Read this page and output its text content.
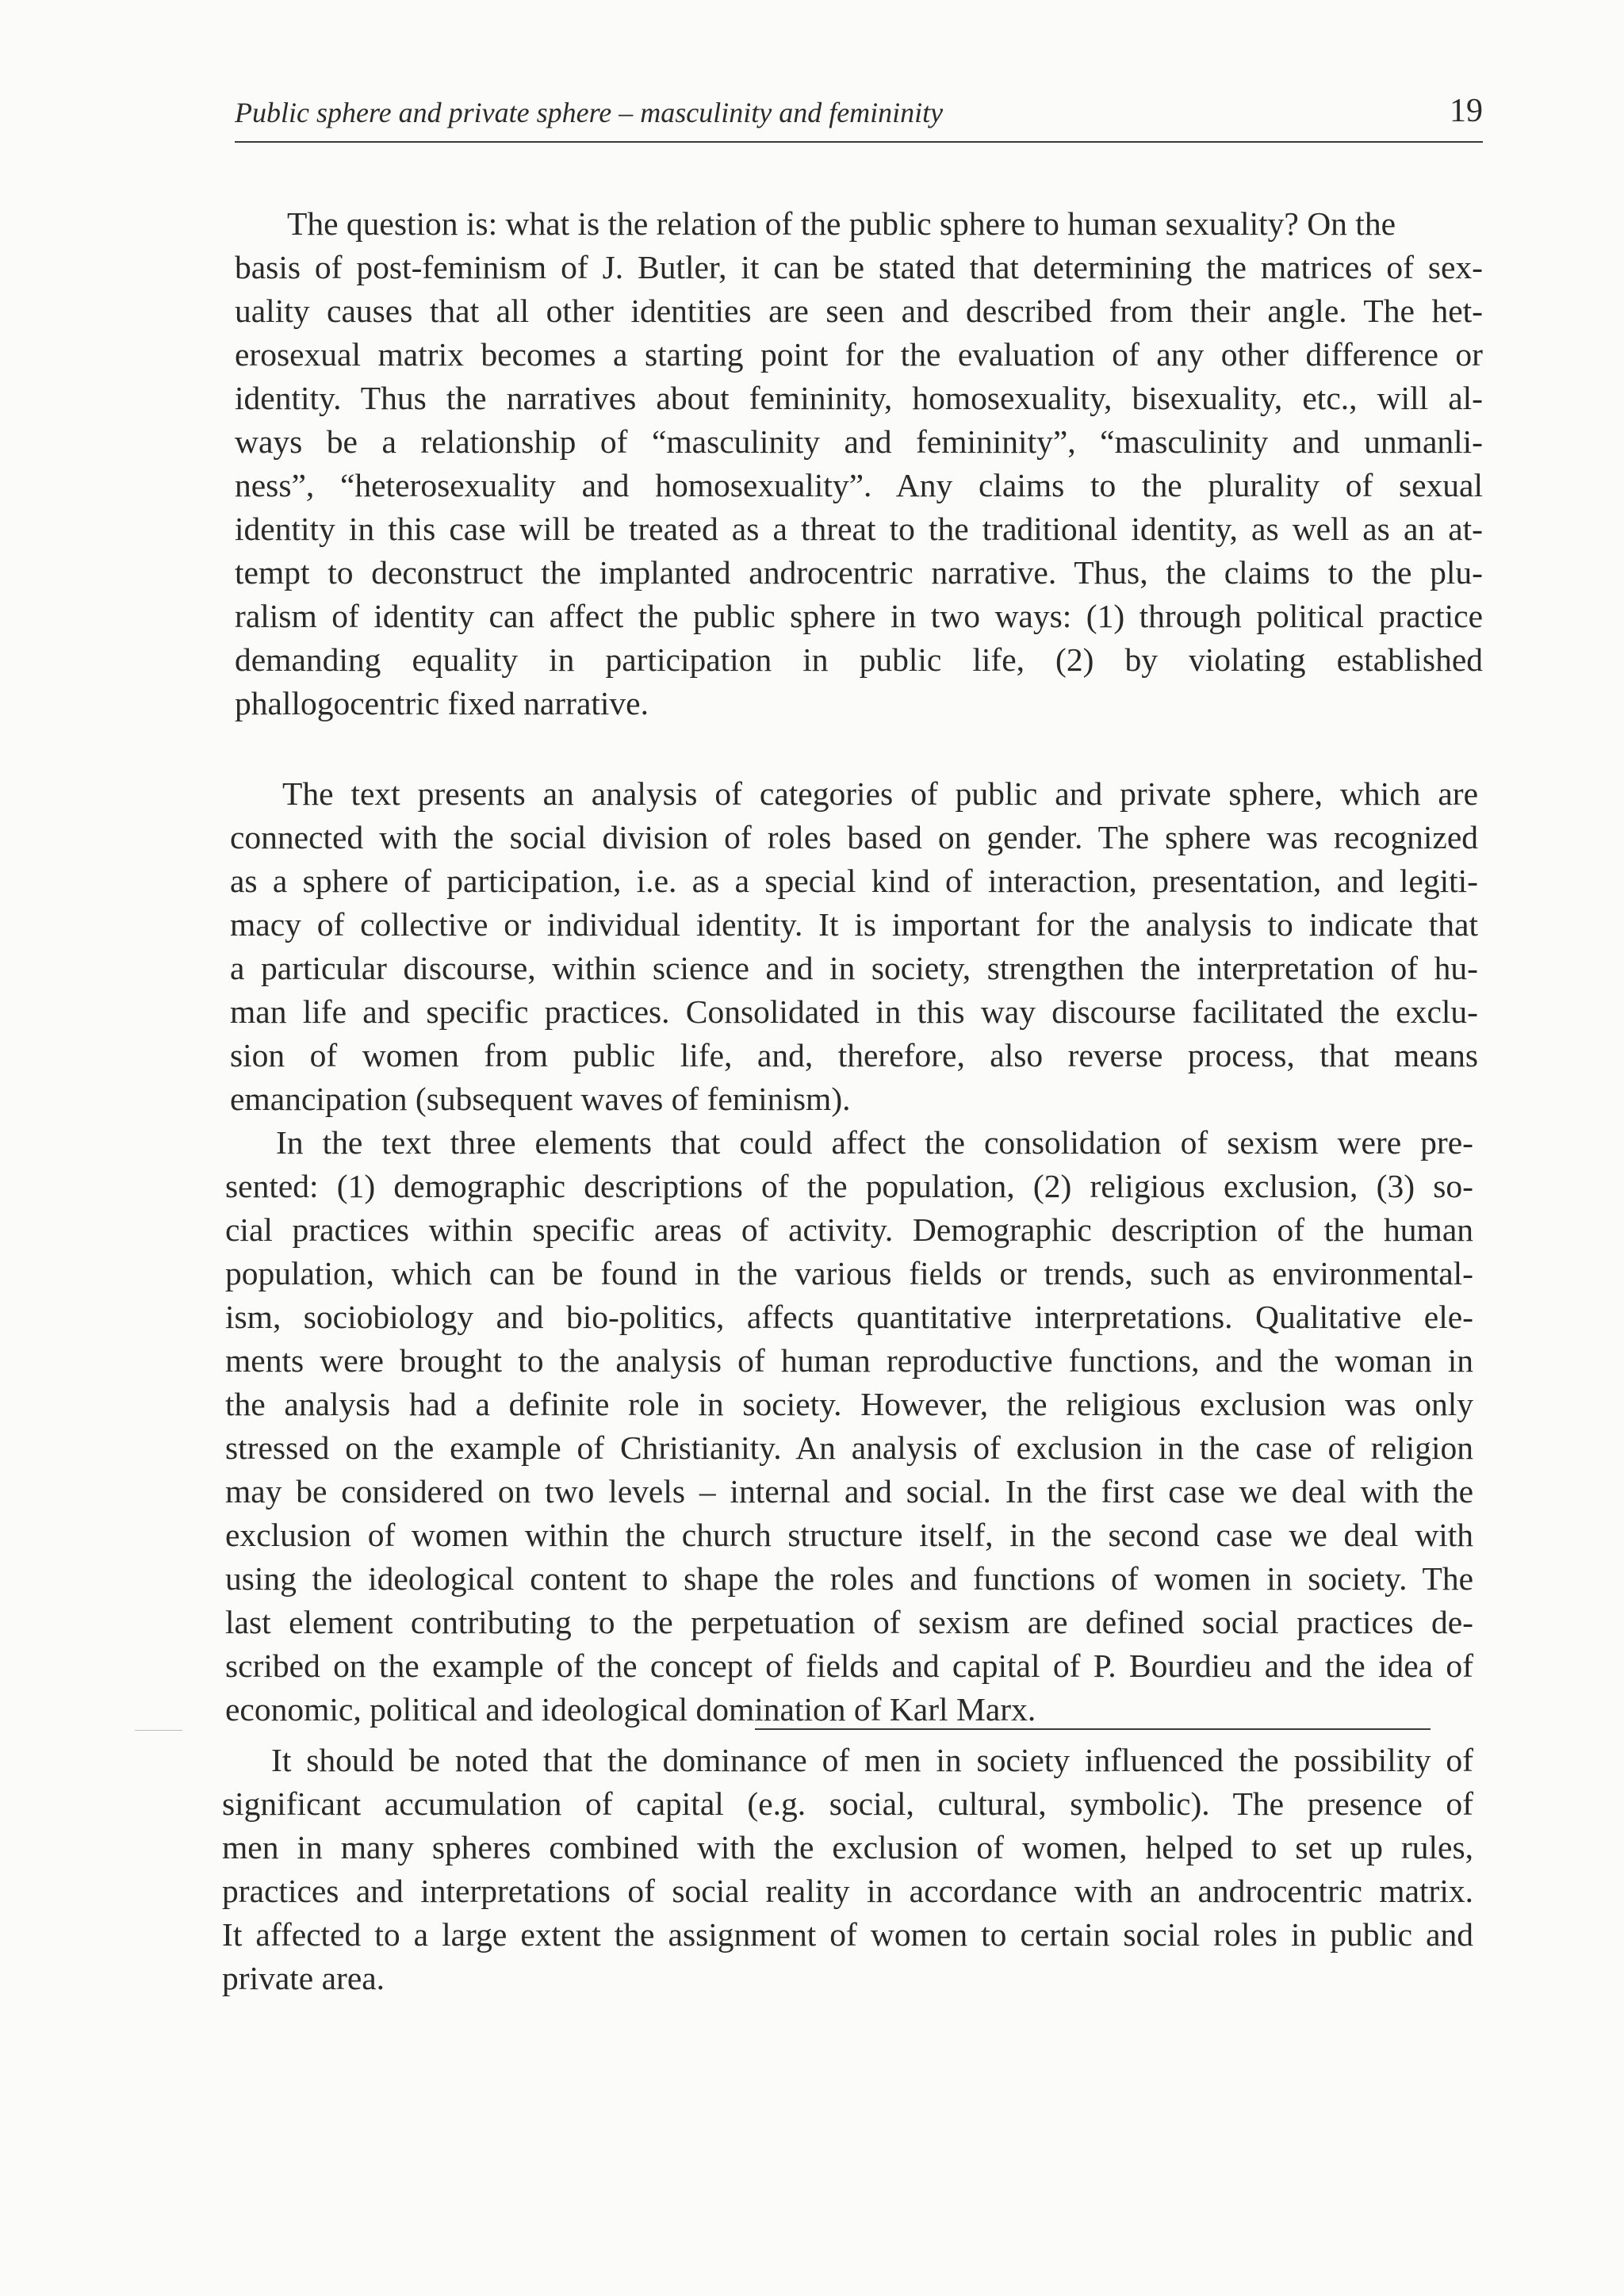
Public sphere and private sphere – masculinity and femininity	19
The question is: what is the relation of the public sphere to human sexuality? On the
basis of post-feminism of J. Butler, it can be stated that determining the matrices of sex-
uality causes that all other identities are seen and described from their angle. The het-
erosexual matrix becomes a starting point for the evaluation of any other difference or
identity. Thus the narratives about femininity, homosexuality, bisexuality, etc., will al-
ways be a relationship of “masculinity and femininity”, “masculinity and unmanli-
ness”, “heterosexuality and homosexuality”. Any claims to the plurality of sexual
identity in this case will be treated as a threat to the traditional identity, as well as an at-
tempt to deconstruct the implanted androcentric narrative. Thus, the claims to the plu-
ralism of identity can affect the public sphere in two ways: (1) through political practice
demanding equality in participation in public life, (2) by violating established
phallogocentric fixed narrative.
The text presents an analysis of categories of public and private sphere, which are
connected with the social division of roles based on gender. The sphere was recognized
as a sphere of participation, i.e. as a special kind of interaction, presentation, and legiti-
macy of collective or individual identity. It is important for the analysis to indicate that
a particular discourse, within science and in society, strengthen the interpretation of hu-
man life and specific practices. Consolidated in this way discourse facilitated the exclu-
sion of women from public life, and, therefore, also reverse process, that means
emancipation (subsequent waves of feminism).
In the text three elements that could affect the consolidation of sexism were pre-
sented: (1) demographic descriptions of the population, (2) religious exclusion, (3) so-
cial practices within specific areas of activity. Demographic description of the human
population, which can be found in the various fields or trends, such as environmental-
ism, sociobiology and bio-politics, affects quantitative interpretations. Qualitative ele-
ments were brought to the analysis of human reproductive functions, and the woman in
the analysis had a definite role in society. However, the religious exclusion was only
stressed on the example of Christianity. An analysis of exclusion in the case of religion
may be considered on two levels – internal and social. In the first case we deal with the
exclusion of women within the church structure itself, in the second case we deal with
using the ideological content to shape the roles and functions of women in society. The
last element contributing to the perpetuation of sexism are defined social practices de-
scribed on the example of the concept of fields and capital of P. Bourdieu and the idea of
economic, political and ideological domination of Karl Marx.
It should be noted that the dominance of men in society influenced the possibility of
significant accumulation of capital (e.g. social, cultural, symbolic). The presence of
men in many spheres combined with the exclusion of women, helped to set up rules,
practices and interpretations of social reality in accordance with an androcentric matrix.
It affected to a large extent the assignment of women to certain social roles in public and
private area.
